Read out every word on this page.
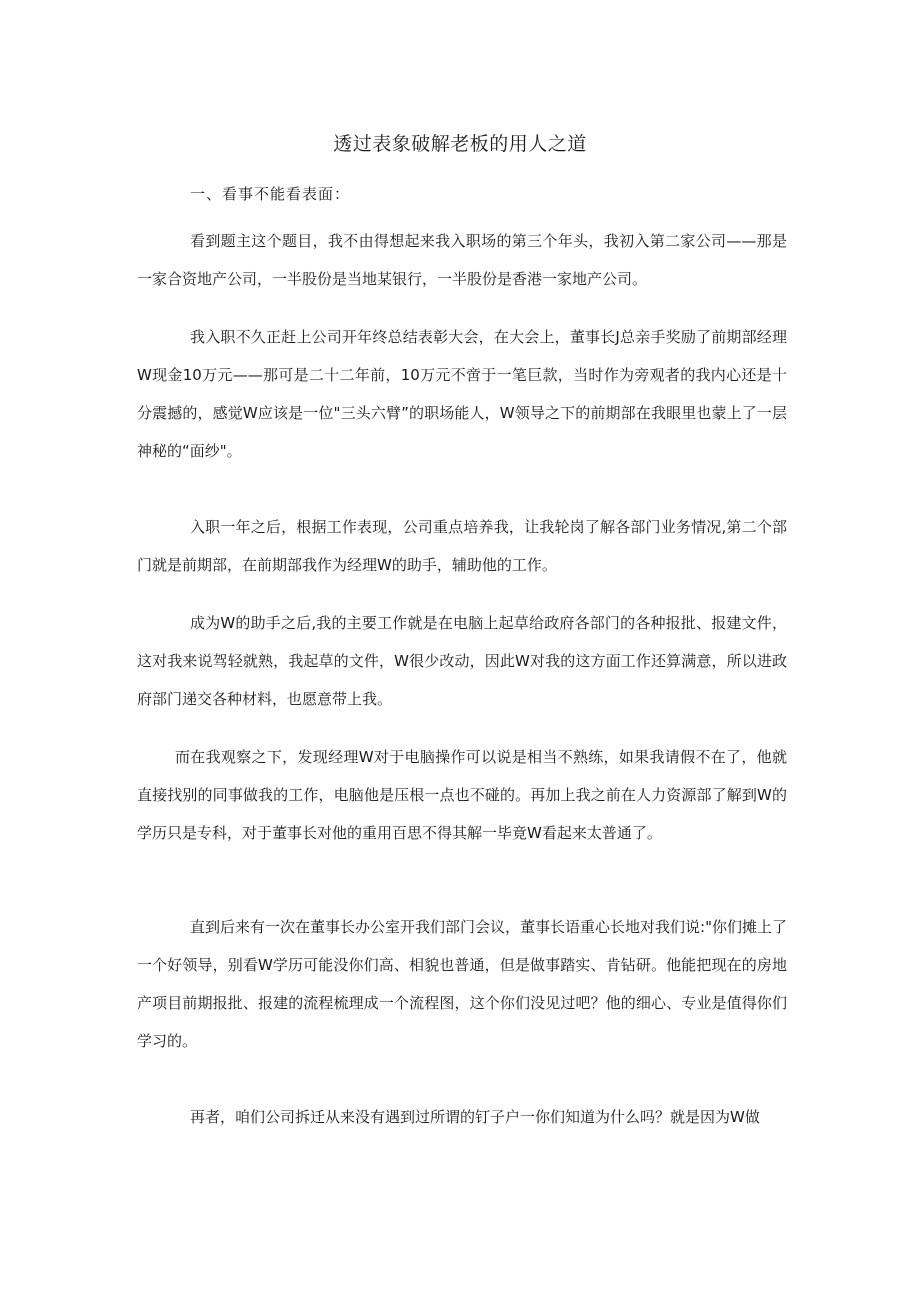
透过表象破解老板的用人之道
一、看事不能看表面：

看到题主这个题目，我不由得想起来我入职场的第三个年头，我初入第二家公司——那是一家合资地产公司，一半股份是当地某银行，一半股份是香港一家地产公司。

我入职不久正赶上公司开年终总结表彰大会，在大会上，董事长J总亲手奖励了前期部经理W现金10万元——那可是二十二年前，10万元不啻于一笔巨款，当时作为旁观者的我内心还是十分震撼的，感觉W应该是一位"三头六臂”的职场能人，W领导之下的前期部在我眼里也蒙上了一层神秘的“面纱"。

入职一年之后，根据工作表现，公司重点培养我，让我轮岗了解各部门业务情况,第二个部门就是前期部，在前期部我作为经理W的助手，辅助他的工作。

成为W的助手之后,我的主要工作就是在电脑上起草给政府各部门的各种报批、报建文件，这对我来说驾轻就熟，我起草的文件，W很少改动，因此W对我的这方面工作还算满意，所以进政府部门递交各种材料，也愿意带上我。

而在我观察之下，发现经理W对于电脑操作可以说是相当不熟练，如果我请假不在了，他就直接找别的同事做我的工作，电脑他是压根一点也不碰的。再加上我之前在人力资源部了解到W的学历只是专科，对于董事长对他的重用百思不得其解一毕竟W看起来太普通了。

直到后来有一次在董事长办公室开我们部门会议，董事长语重心长地对我们说:"你们摊上了一个好领导，别看W学历可能没你们高、相貌也普通，但是做事踏实、肯钻研。他能把现在的房地产项目前期报批、报建的流程梳理成一个流程图，这个你们没见过吧？他的细心、专业是值得你们学习的。

再者，咱们公司拆迁从来没有遇到过所谓的钉子户一你们知道为什么吗？就是因为W做
